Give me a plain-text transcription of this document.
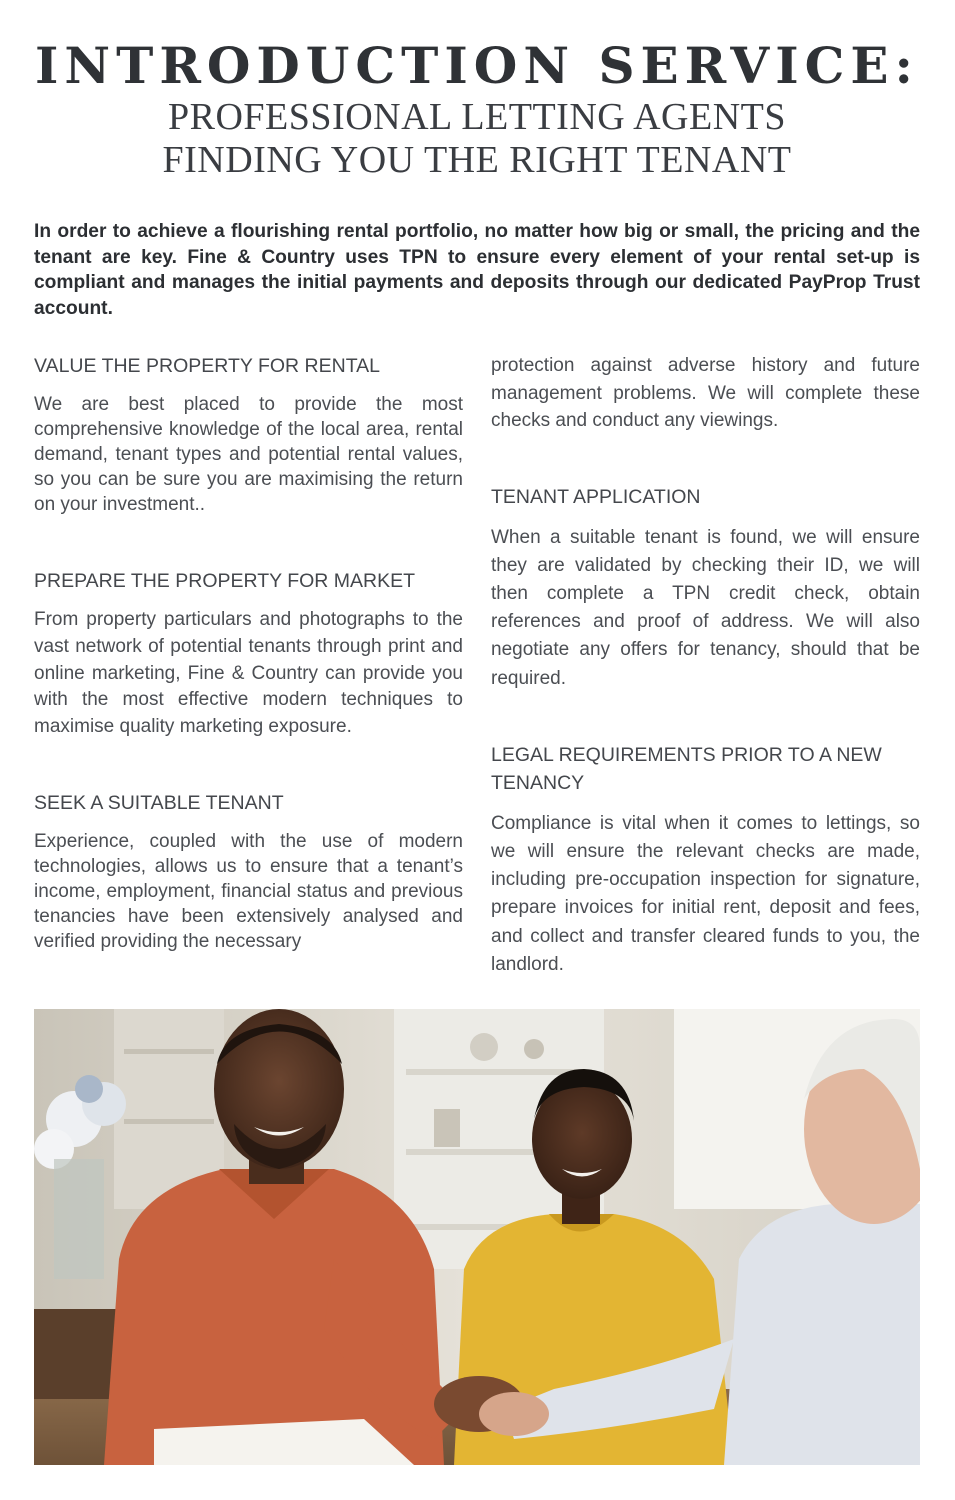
INTRODUCTION SERVICE:

PROFESSIONAL LETTING AGENTS

FINDING YOU THE RIGHT TENANT

In order to achieve a flourishing rental portfolio, no matter how big or small, the pricing and the tenant are key. Fine & Country uses TPN to ensure every element of your rental set-up is compliant and manages the initial payments and deposits through our dedicated PayProp Trust account.

VALUE THE PROPERTY FOR RENTAL

We are best placed to provide the most comprehensive knowledge of the local area, rental demand, tenant types and potential rental values, so you can be sure you are maximising the return on your investment..

PREPARE THE PROPERTY FOR MARKET

From property particulars and photographs to the vast network of potential tenants through print and online marketing, Fine & Country can provide you with the most effective modern techniques to maximise quality marketing exposure.

SEEK A SUITABLE TENANT

Experience, coupled with the use of modern technologies, allows us to ensure that a tenant’s income, employment, financial status and previous tenancies have been extensively analysed and verified providing the necessary

protection against adverse history and future management problems. We will complete these checks and conduct any viewings.

TENANT APPLICATION

When a suitable tenant is found, we will ensure they are validated by checking their ID, we will then complete a TPN credit check, obtain references and proof of address. We will also negotiate any offers for tenancy, should that be required.

LEGAL REQUIREMENTS PRIOR TO A NEW TENANCY

Compliance is vital when it comes to lettings, so we will ensure the relevant checks are made, including pre-occupation inspection for signature, prepare invoices for initial rent, deposit and fees, and collect and transfer cleared funds to you, the landlord.
